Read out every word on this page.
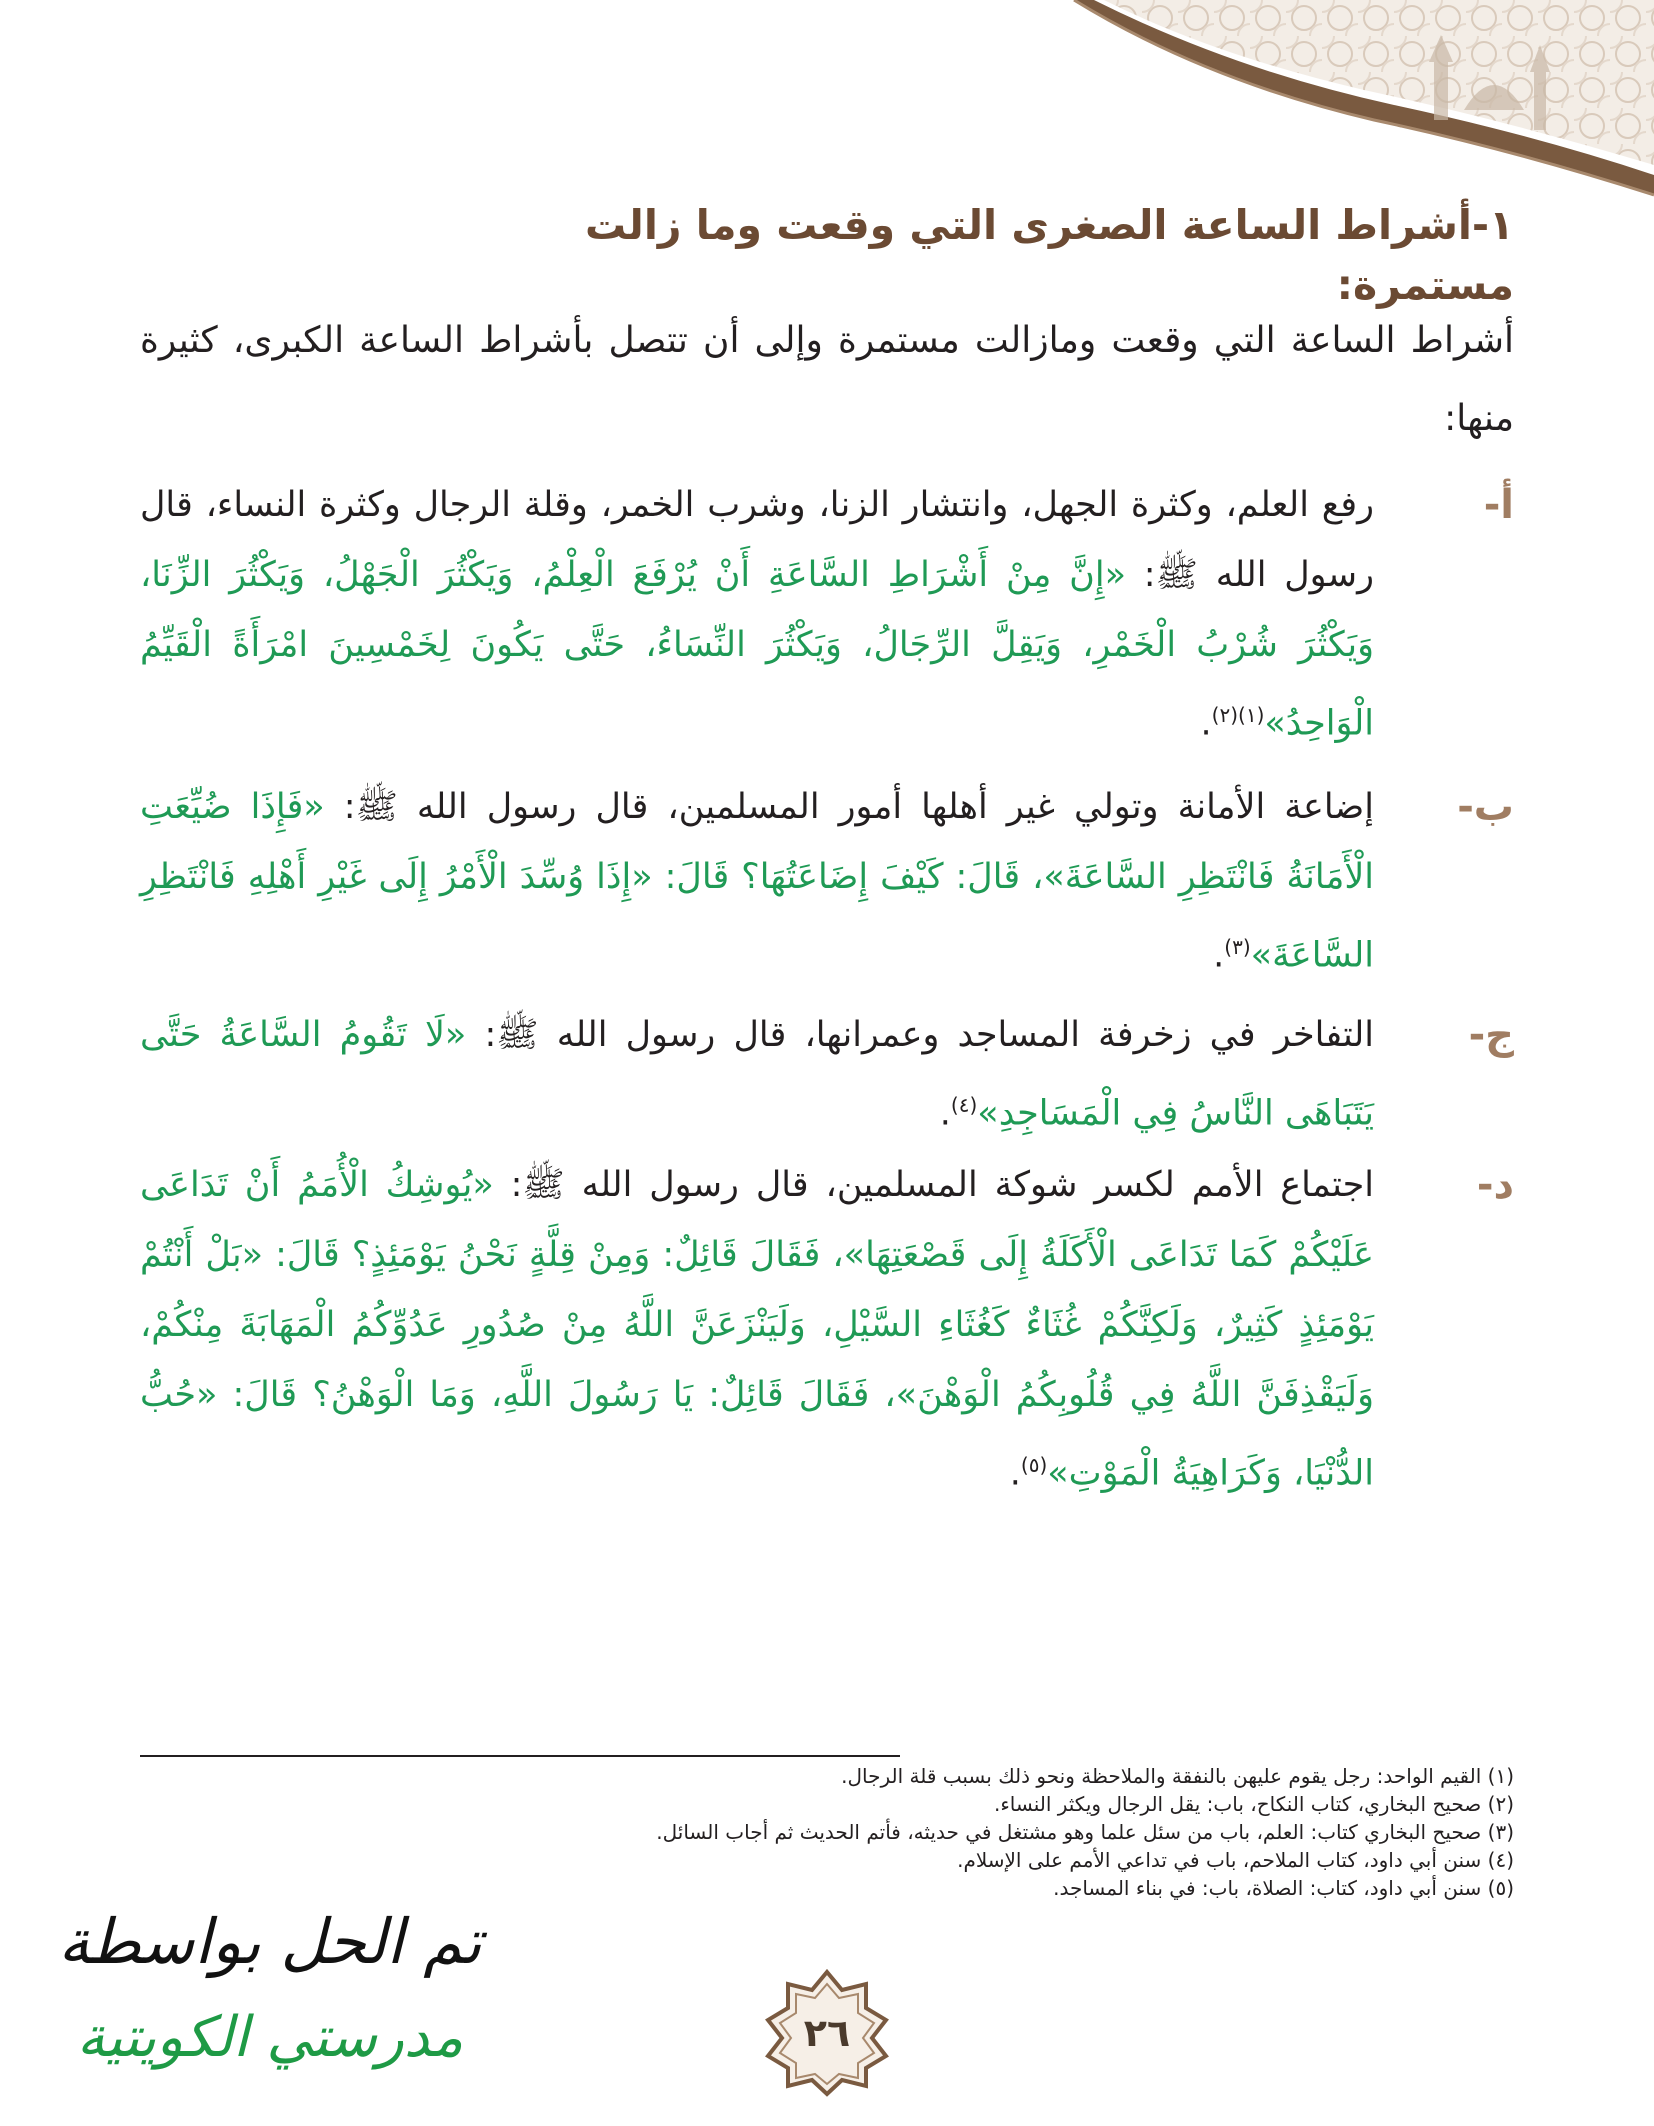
١-أشراط الساعة الصغرى التي وقعت وما زالت مستمرة:
أشراط الساعة التي وقعت ومازالت مستمرة وإلى أن تتصل بأشراط الساعة الكبرى، كثيرة منها:
أ-
رفع العلم، وكثرة الجهل، وانتشار الزنا، وشرب الخمر، وقلة الرجال وكثرة النساء، قال رسول الله ﷺ: «إِنَّ مِنْ أَشْرَاطِ السَّاعَةِ أَنْ يُرْفَعَ الْعِلْمُ، وَيَكْثُرَ الْجَهْلُ، وَيَكْثُرَ الزِّنَا، وَيَكْثُرَ شُرْبُ الْخَمْرِ، وَيَقِلَّ الرِّجَالُ، وَيَكْثُرَ النِّسَاءُ، حَتَّى يَكُونَ لِخَمْسِينَ امْرَأَةً الْقَيِّمُ الْوَاحِدُ»$^{(١)(٢)}$.
ب-
إضاعة الأمانة وتولي غير أهلها أمور المسلمين، قال رسول الله ﷺ: «فَإِذَا ضُيِّعَتِ الْأَمَانَةُ فَانْتَظِرِ السَّاعَةَ»، قَالَ: كَيْفَ إِضَاعَتُهَا؟ قَالَ: «إِذَا وُسِّدَ الْأَمْرُ إِلَى غَيْرِ أَهْلِهِ فَانْتَظِرِ السَّاعَةَ»$^{(٣)}$.
ج-
التفاخر في زخرفة المساجد وعمرانها، قال رسول الله ﷺ: «لَا تَقُومُ السَّاعَةُ حَتَّى يَتَبَاهَى النَّاسُ فِي الْمَسَاجِدِ»$^{(٤)}$.
د-
اجتماع الأمم لكسر شوكة المسلمين، قال رسول الله ﷺ: «يُوشِكُ الْأُمَمُ أَنْ تَدَاعَى عَلَيْكُمْ كَمَا تَدَاعَى الْأَكَلَةُ إِلَى قَصْعَتِهَا»، فَقَالَ قَائِلٌ: وَمِنْ قِلَّةٍ نَحْنُ يَوْمَئِذٍ؟ قَالَ: «بَلْ أَنْتُمْ يَوْمَئِذٍ كَثِيرٌ، وَلَكِنَّكُمْ غُثَاءٌ كَغُثَاءِ السَّيْلِ، وَلَيَنْزَعَنَّ اللَّهُ مِنْ صُدُورِ عَدُوِّكُمُ الْمَهَابَةَ مِنْكُمْ، وَلَيَقْذِفَنَّ اللَّهُ فِي قُلُوبِكُمُ الْوَهْنَ»، فَقَالَ قَائِلٌ: يَا رَسُولَ اللَّهِ، وَمَا الْوَهْنُ؟ قَالَ: «حُبُّ الدُّنْيَا، وَكَرَاهِيَةُ الْمَوْتِ»$^{(٥)}$.
(١) القيم الواحد: رجل يقوم عليهن بالنفقة والملاحظة ونحو ذلك بسبب قلة الرجال.
(٢) صحيح البخاري، كتاب النكاح، باب: يقل الرجال ويكثر النساء.
(٣) صحيح البخاري كتاب: العلم، باب من سئل علما وهو مشتغل في حديثه، فأتم الحديث ثم أجاب السائل.
(٤) سنن أبي داود، كتاب الملاحم، باب في تداعي الأمم على الإسلام.
(٥) سنن أبي داود، كتاب: الصلاة، باب: في بناء المساجد.
٢٦
تم الحل بواسطة
مدرستي الكويتية
